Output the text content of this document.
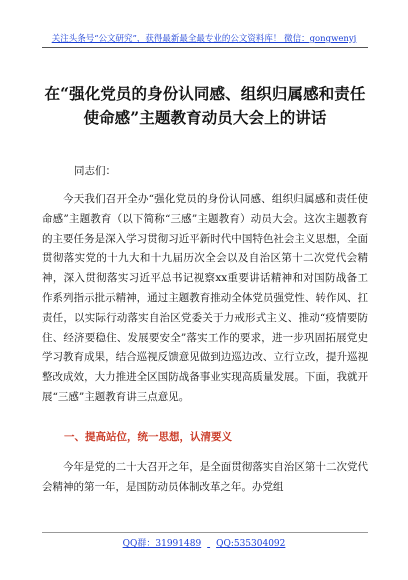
关注头条号“公文研究”，获得最新最全最专业的公文资料库！ 微信：gongwenyj
在“强化党员的身份认同感、组织归属感和责任使命感”主题教育动员大会上的讲话
同志们：

今天我们召开全办“强化党员的身份认同感、组织归属感和责任使命感”主题教育（以下简称“三感”主题教育）动员大会。这次主题教育的主要任务是深入学习贯彻习近平新时代中国特色社会主义思想，全面贯彻落实党的十九大和十九届历次全会以及自治区第十二次党代会精神，深入贯彻落实习近平总书记视察xx重要讲话精神和对国防战备工作系列指示批示精神，通过主题教育推动全体党员强党性、转作风、扛责任，以实际行动落实自治区党委关于力戒形式主义、推动“疫情要防住、经济要稳住、发展要安全”落实工作的要求，进一步巩固拓展党史学习教育成果，结合巡视反馈意见做到边巡边改、立行立改，提升巡视整改成效，大力推进全区国防战备事业实现高质量发展。下面，我就开展“三感”主题教育讲三点意见。

一、提高站位，统一思想，认清要义

今年是党的二十大召开之年，是全面贯彻落实自治区第十二次党代会精神的第一年，是国防动员体制改革之年。办党组

QQ群：31991489 QQ:535304092
